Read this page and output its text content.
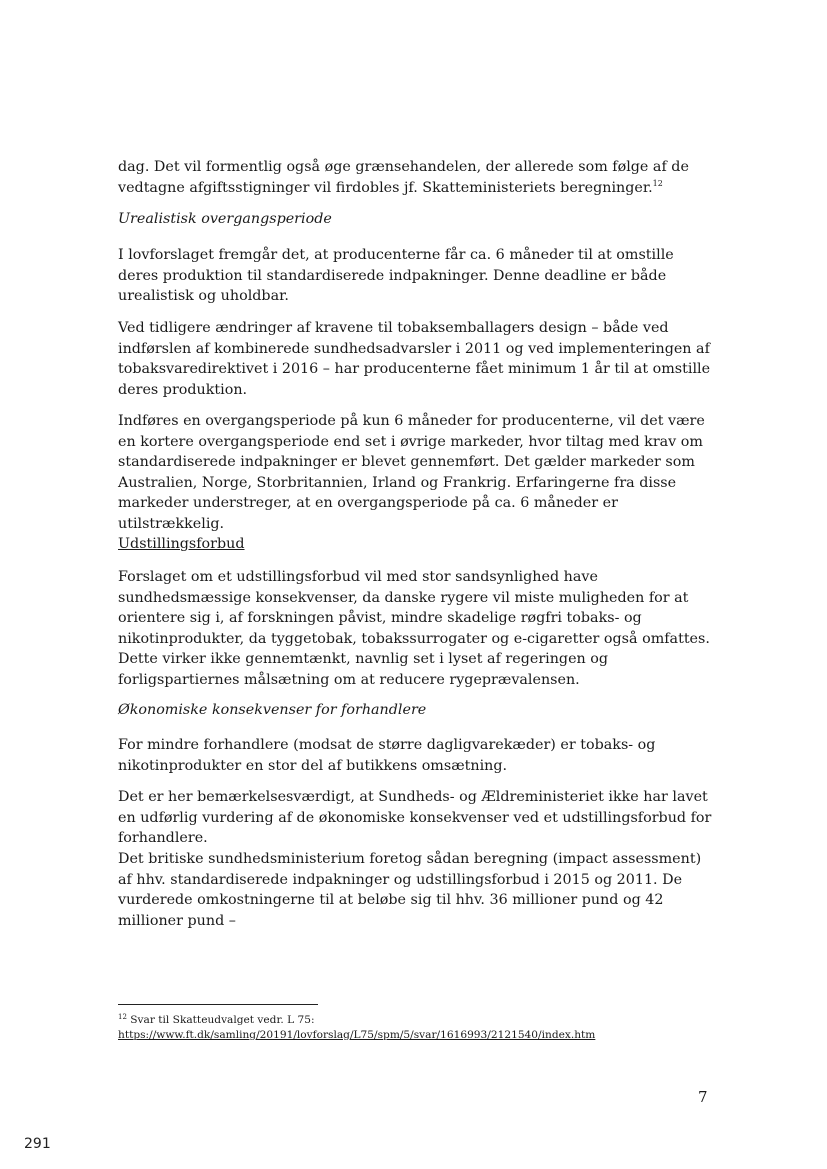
dag. Det vil formentlig også øge grænsehandelen, der allerede som følge af de vedtagne afgiftsstigninger vil firdobles jf. Skatteministeriets beregninger.$^{12}$

Urealistisk overgangsperiode

I lovforslaget fremgår det, at producenterne får ca. 6 måneder til at omstille deres produktion til standardiserede indpakninger. Denne deadline er både urealistisk og uholdbar.

Ved tidligere ændringer af kravene til tobaksemballagers design – både ved indførslen af kombinerede sundhedsadvarsler i 2011 og ved implementeringen af tobaksvaredirektivet i 2016 – har producenterne fået minimum 1 år til at omstille deres produktion.

Indføres en overgangsperiode på kun 6 måneder for producenterne, vil det være en kortere overgangsperiode end set i øvrige markeder, hvor tiltag med krav om standardiserede indpakninger er blevet gennemført. Det gælder markeder som Australien, Norge, Storbritannien, Irland og Frankrig. Erfaringerne fra disse markeder understreger, at en overgangsperiode på ca. 6 måneder er utilstrækkelig.

Udstillingsforbud

Forslaget om et udstillingsforbud vil med stor sandsynlighed have sundhedsmæssige konsekvenser, da danske rygere vil miste muligheden for at orientere sig i, af forskningen påvist, mindre skadelige røgfri tobaks- og nikotinprodukter, da tyggetobak, tobakssurrogater og e-cigaretter også omfattes. Dette virker ikke gennemtænkt, navnlig set i lyset af regeringen og forligspartiernes målsætning om at reducere rygeprævalensen.

Økonomiske konsekvenser for forhandlere

For mindre forhandlere (modsat de større dagligvarekæder) er tobaks- og nikotinprodukter en stor del af butikkens omsætning.

Det er her bemærkelsesværdigt, at Sundheds- og Ældreministeriet ikke har lavet en udførlig vurdering af de økonomiske konsekvenser ved et udstillingsforbud for forhandlere.

Det britiske sundhedsministerium foretog sådan beregning (impact assessment) af hhv. standardiserede indpakninger og udstillingsforbud i 2015 og 2011. De vurderede omkostningerne til at beløbe sig til hhv. 36 millioner pund og 42 millioner pund –

$^{12}$ Svar til Skatteudvalget vedr. L 75:
https://www.ft.dk/samling/20191/lovforslag/L75/spm/5/svar/1616993/2121540/index.htm
7
291
